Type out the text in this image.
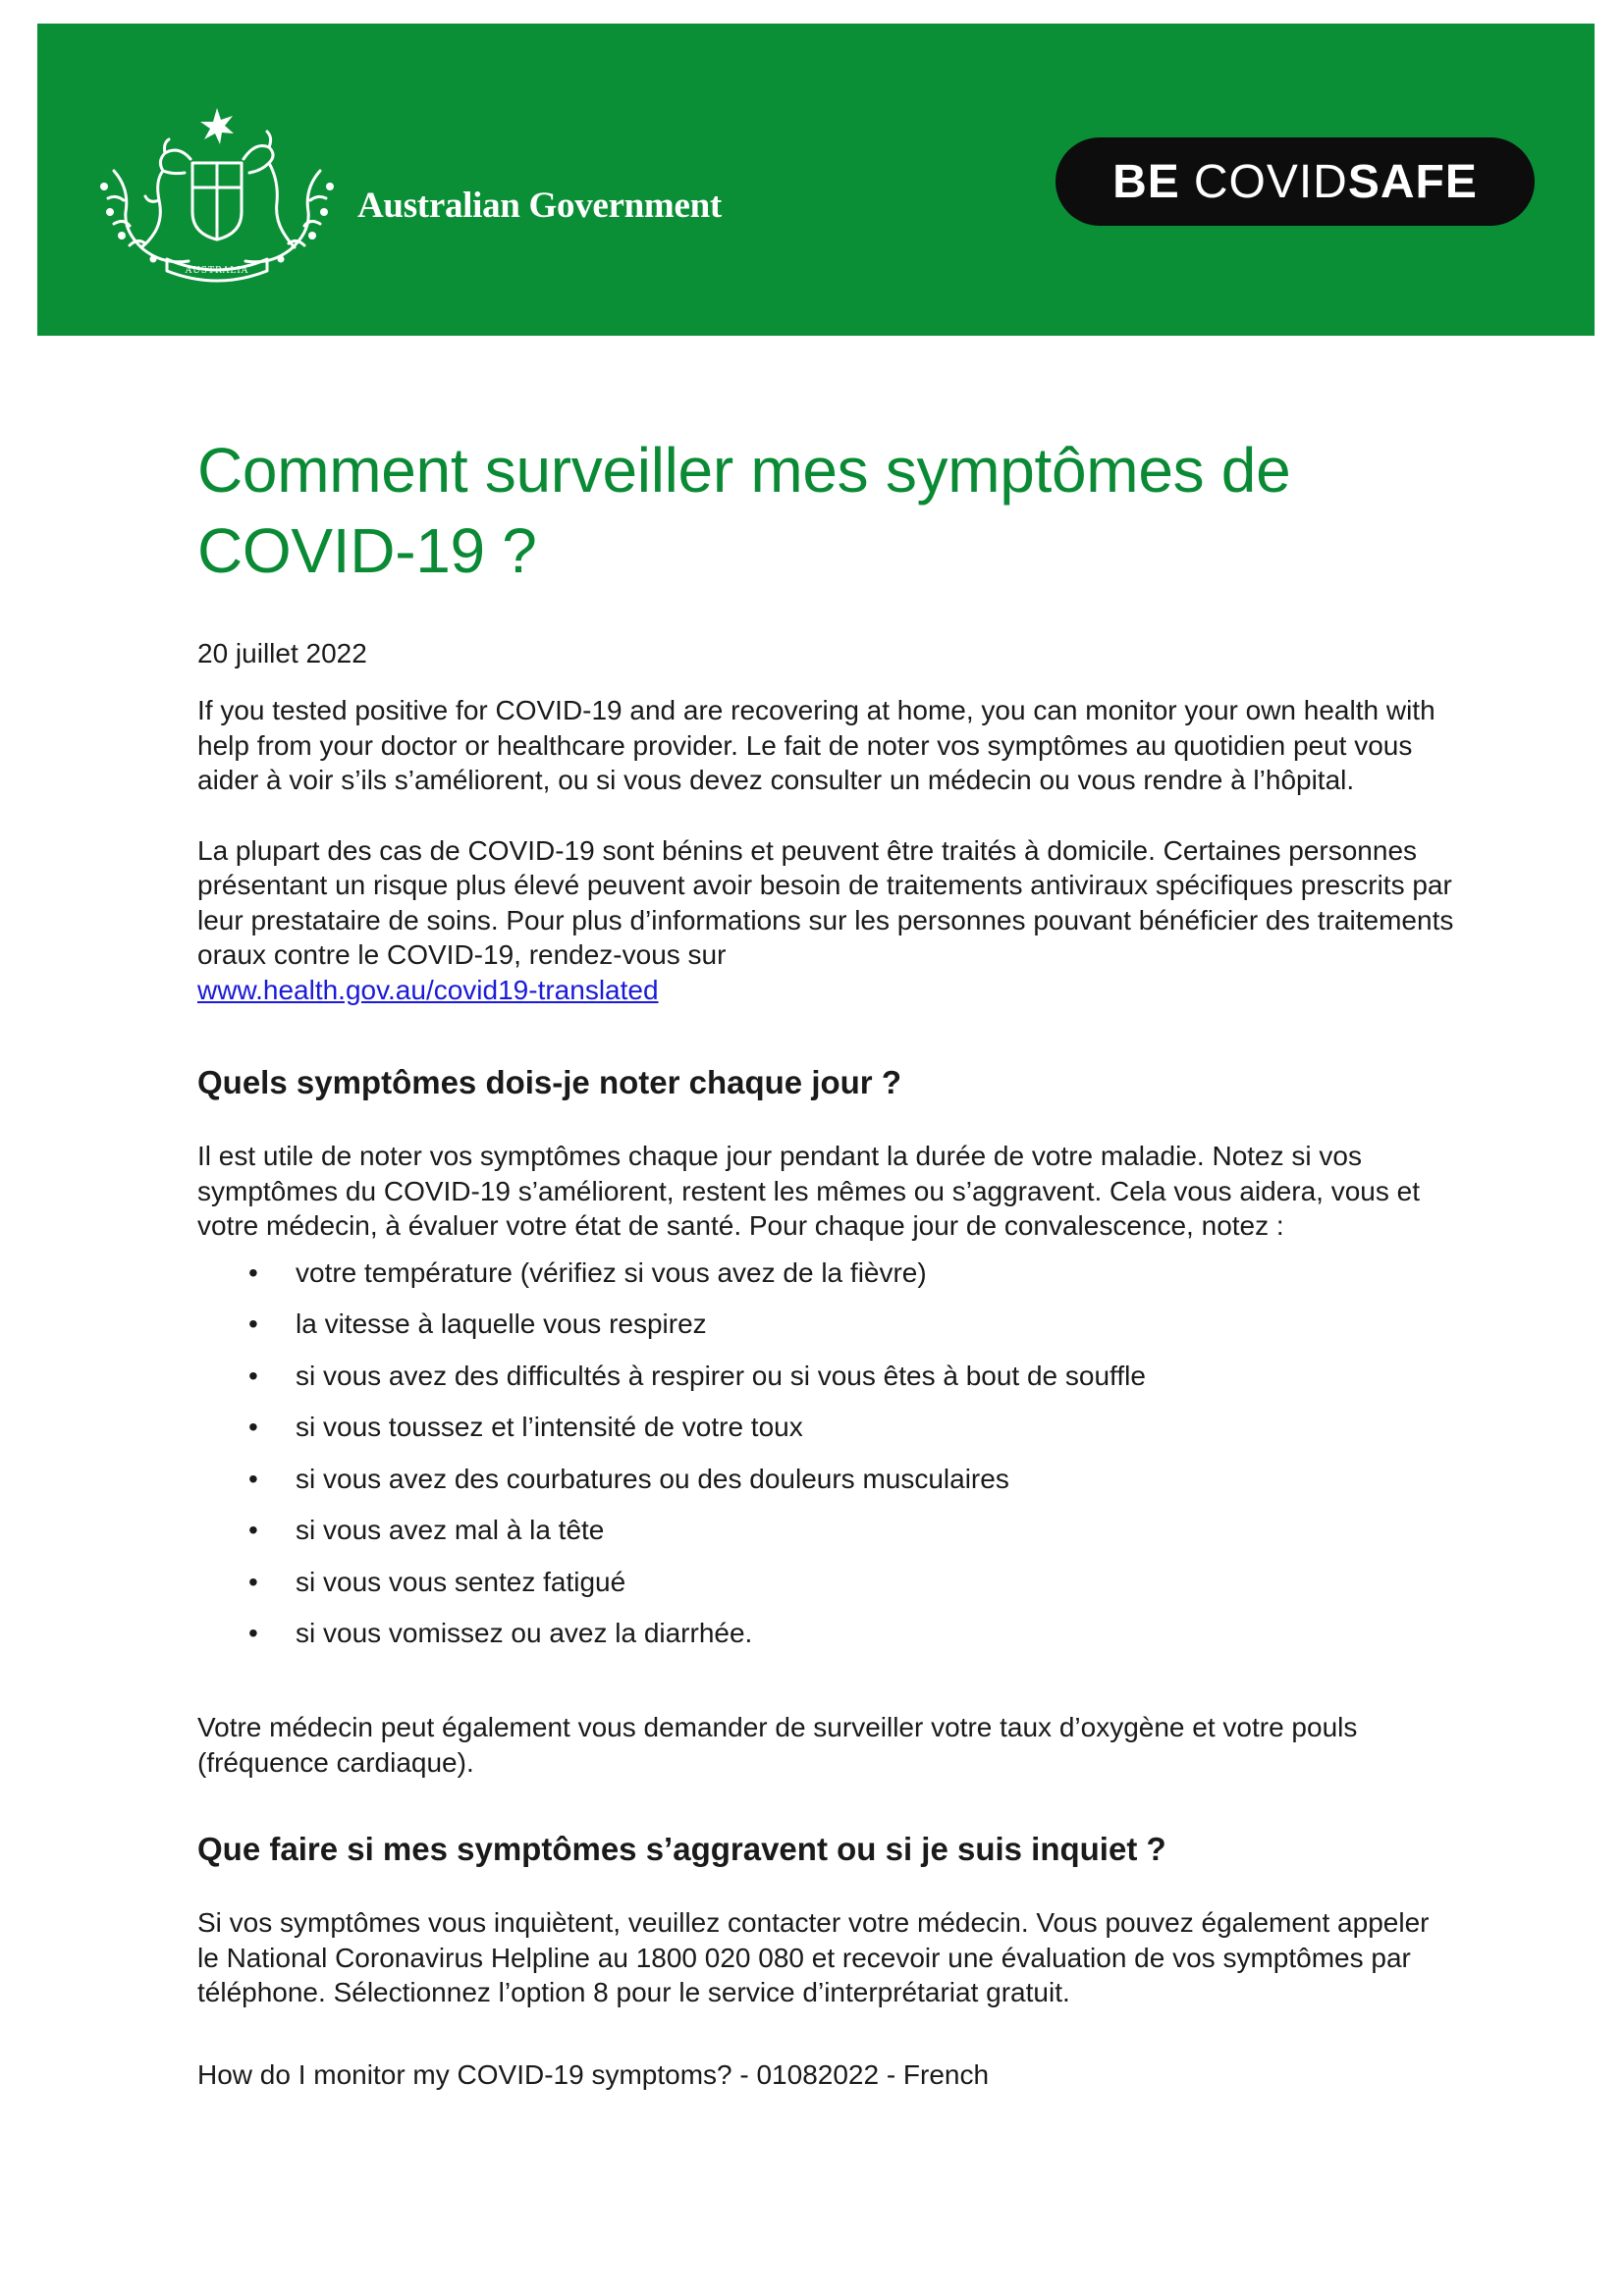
AUSTRALIA
Australian Government	BE COVID SAFE
Comment surveiller mes symptômes de
COVID-19 ?
20 juillet 2022

If you tested positive for COVID-19 and are recovering at home, you can monitor your own health with help from your doctor or healthcare provider. Le fait de noter vos symptômes au quotidien peut vous aider à voir s’ils s’améliorent, ou si vous devez consulter un médecin ou vous rendre à l’hôpital.

La plupart des cas de COVID-19 sont bénins et peuvent être traités à domicile. Certaines personnes présentant un risque plus élevé peuvent avoir besoin de traitements antiviraux spécifiques prescrits par leur prestataire de soins. Pour plus d’informations sur les personnes pouvant bénéficier des traitements oraux contre le COVID-19, rendez-vous sur
www.health.gov.au/covid19-translated

Quels symptômes dois-je noter chaque jour ?

Il est utile de noter vos symptômes chaque jour pendant la durée de votre maladie. Notez si vos symptômes du COVID-19 s’améliorent, restent les mêmes ou s’aggravent. Cela vous aidera, vous et votre médecin, à évaluer votre état de santé. Pour chaque jour de convalescence, notez :

• votre température (vérifiez si vous avez de la fièvre)
• la vitesse à laquelle vous respirez
• si vous avez des difficultés à respirer ou si vous êtes à bout de souffle
• si vous toussez et l’intensité de votre toux
• si vous avez des courbatures ou des douleurs musculaires
• si vous avez mal à la tête
• si vous vous sentez fatigué
• si vous vomissez ou avez la diarrhée.

Votre médecin peut également vous demander de surveiller votre taux d’oxygène et votre pouls (fréquence cardiaque).

Que faire si mes symptômes s’aggravent ou si je suis inquiet ?

Si vos symptômes vous inquiètent, veuillez contacter votre médecin. Vous pouvez également appeler le National Coronavirus Helpline au 1800 020 080 et recevoir une évaluation de vos symptômes par téléphone. Sélectionnez l’option 8 pour le service d’interprétariat gratuit.

How do I monitor my COVID-19 symptoms? - 01082022 - French
